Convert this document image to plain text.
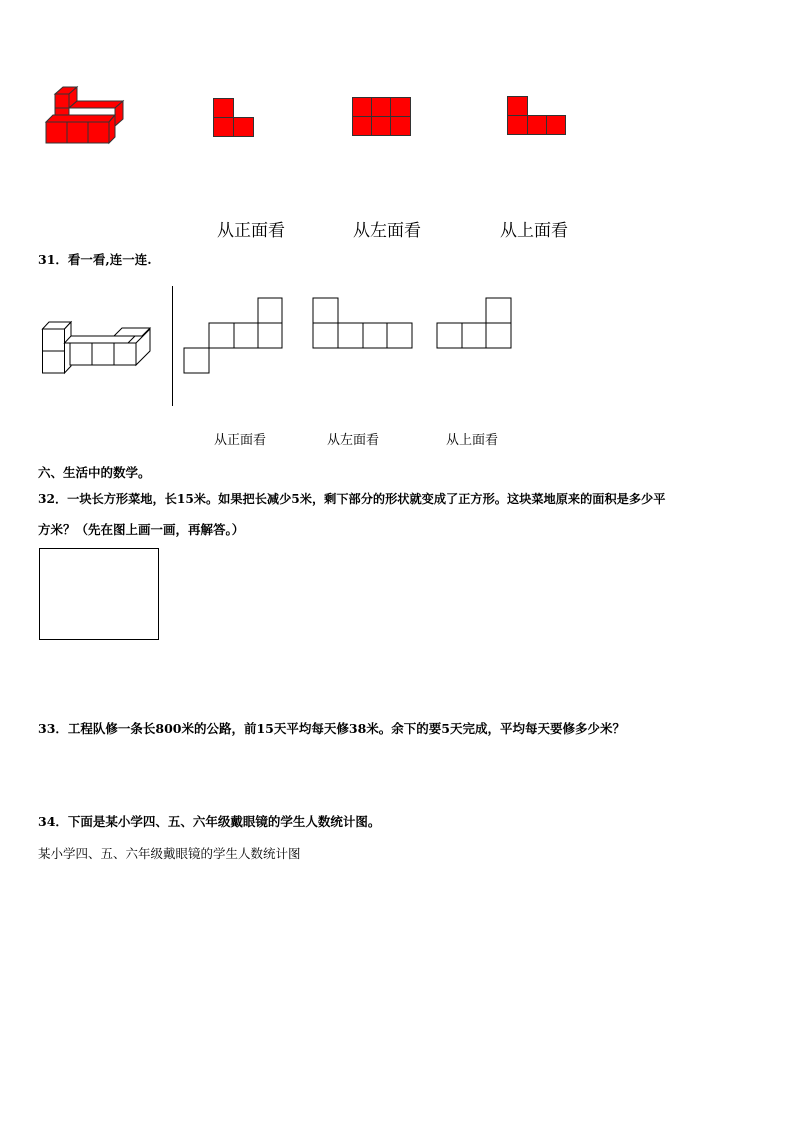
从正面看	从左面看	从上面看
31．看一看,连一连.
从正面看	从左面看	从上面看
六、生活中的数学。
32．一块长方形菜地，长15米。如果把长减少5米，剩下部分的形状就变成了正方形。这块菜地原来的面积是多少平
方米？（先在图上画一画，再解答。）
33．工程队修一条长800米的公路，前15天平均每天修38米。余下的要5天完成，平均每天要修多少米？
34．下面是某小学四、五、六年级戴眼镜的学生人数统计图。
某小学四、五、六年级戴眼镜的学生人数统计图
